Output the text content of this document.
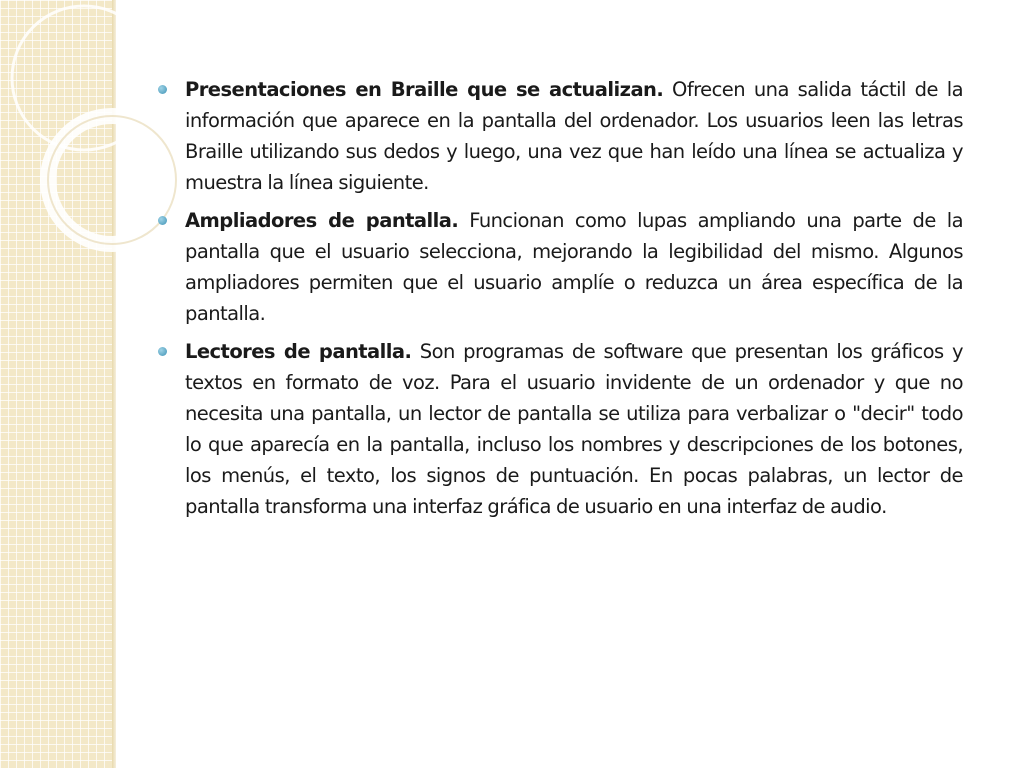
Presentaciones en Braille que se actualizan. Ofrecen una salida táctil de la información que aparece en la pantalla del ordenador. Los usuarios leen las letras Braille utilizando sus dedos y luego, una vez que han leído una línea se actualiza y muestra la línea siguiente.
Ampliadores de pantalla. Funcionan como lupas ampliando una parte de la pantalla que el usuario selecciona, mejorando la legibilidad del mismo. Algunos ampliadores permiten que el usuario amplíe o reduzca un área específica de la pantalla.
Lectores de pantalla. Son programas de software que presentan los gráficos y textos en formato de voz. Para el usuario invidente de un ordenador y que no necesita una pantalla, un lector de pantalla se utiliza para verbalizar o "decir" todo lo que aparecía en la pantalla, incluso los nombres y descripciones de los botones, los menús, el texto, los signos de puntuación. En pocas palabras, un lector de pantalla transforma una interfaz gráfica de usuario en una interfaz de audio.
